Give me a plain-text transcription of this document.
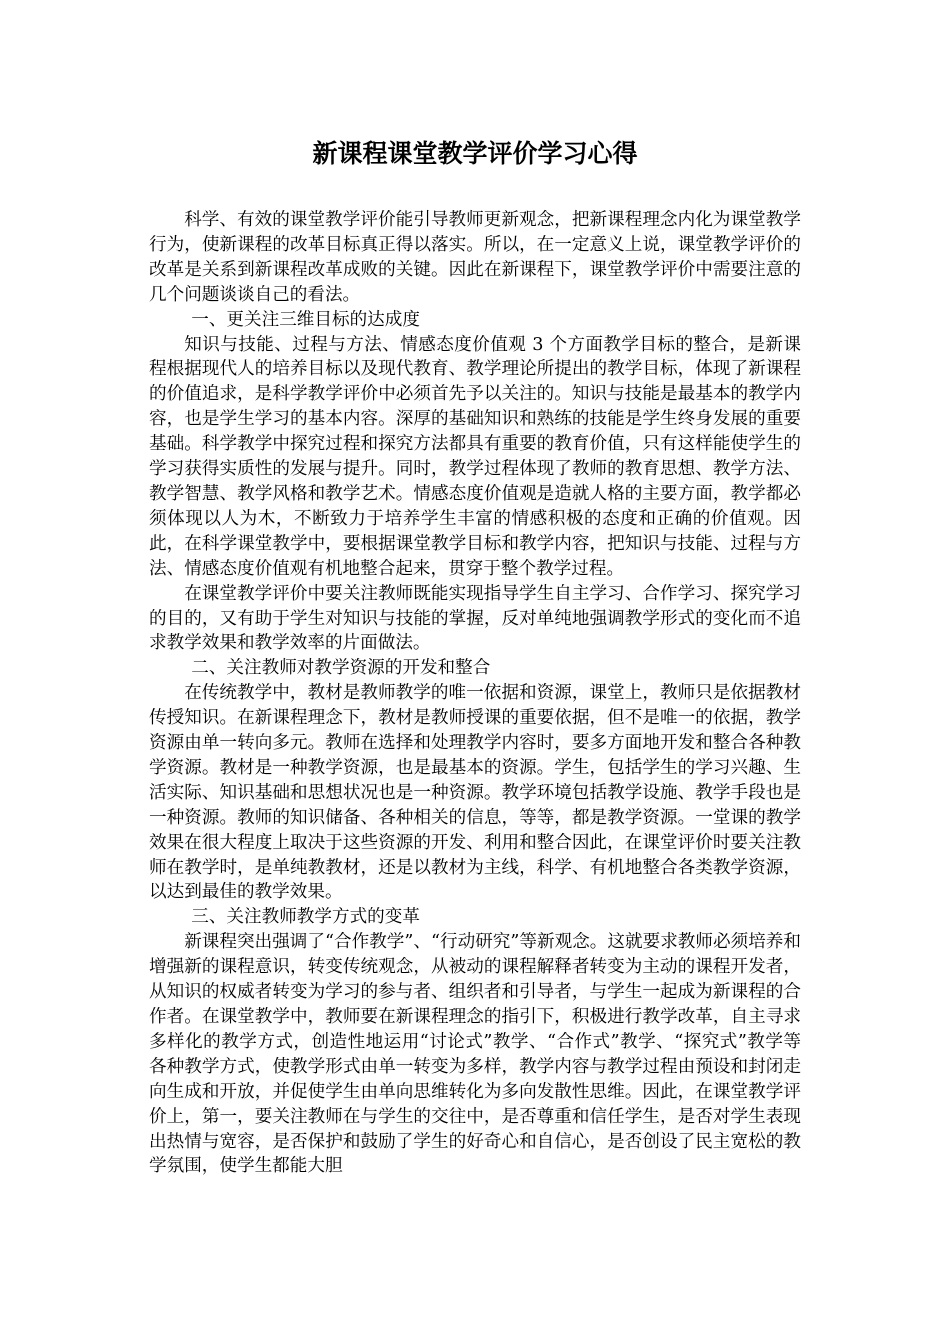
新课程课堂教学评价学习心得

科学、有效的课堂教学评价能引导教师更新观念，把新课程理念内化为课堂教学行为，使新课程的改革目标真正得以落实。所以，在一定意义上说，课堂教学评价的改革是关系到新课程改革成败的关键。因此在新课程下，课堂教学评价中需要注意的几个问题谈谈自己的看法。

一、更关注三维目标的达成度

知识与技能、过程与方法、情感态度价值观 3 个方面教学目标的整合，是新课程根据现代人的培养目标以及现代教育、教学理论所提出的教学目标，体现了新课程的价值追求，是科学教学评价中必须首先予以关注的。知识与技能是最基本的教学内容，也是学生学习的基本内容。深厚的基础知识和熟练的技能是学生终身发展的重要基础。科学教学中探究过程和探究方法都具有重要的教育价值，只有这样能使学生的学习获得实质性的发展与提升。同时，教学过程体现了教师的教育思想、教学方法、教学智慧、教学风格和教学艺术。情感态度价值观是造就人格的主要方面，教学都必须体现以人为木，不断致力于培养学生丰富的情感积极的态度和正确的价值观。因此，在科学课堂教学中，要根据课堂教学目标和教学内容，把知识与技能、过程与方法、情感态度价值观有机地整合起来，贯穿于整个教学过程。

在课堂教学评价中要关注教师既能实现指导学生自主学习、合作学习、探究学习的目的，又有助于学生对知识与技能的掌握，反对单纯地强调教学形式的变化而不追求教学效果和教学效率的片面做法。

二、关注教师对教学资源的开发和整合

在传统教学中，教材是教师教学的唯一依据和资源，课堂上，教师只是依据教材传授知识。在新课程理念下，教材是教师授课的重要依据，但不是唯一的依据，教学资源由单一转向多元。教师在选择和处理教学内容时，要多方面地开发和整合各种教学资源。教材是一种教学资源，也是最基本的资源。学生，包括学生的学习兴趣、生活实际、知识基础和思想状况也是一种资源。教学环境包括教学设施、教学手段也是一种资源。教师的知识储备、各种相关的信息，等等，都是教学资源。一堂课的教学效果在很大程度上取决于这些资源的开发、利用和整合因此，在课堂评价时要关注教师在教学时，是单纯教教材，还是以教材为主线，科学、有机地整合各类教学资源，以达到最佳的教学效果。

三、关注教师教学方式的变革

新课程突出强调了“合作教学”、“行动研究”等新观念。这就要求教师必须培养和增强新的课程意识，转变传统观念，从被动的课程解释者转变为主动的课程开发者，从知识的权威者转变为学习的参与者、组织者和引导者，与学生一起成为新课程的合作者。在课堂教学中，教师要在新课程理念的指引下，积极进行教学改革，自主寻求多样化的教学方式，创造性地运用“讨论式”教学、“合作式”教学、“探究式”教学等各种教学方式，使教学形式由单一转变为多样，教学内容与教学过程由预设和封闭走向生成和开放，并促使学生由单向思维转化为多向发散性思维。因此，在课堂教学评价上，第一，要关注教师在与学生的交往中，是否尊重和信任学生，是否对学生表现出热情与宽容，是否保护和鼓励了学生的好奇心和自信心，是否创设了民主宽松的教学氛围，使学生都能大胆
